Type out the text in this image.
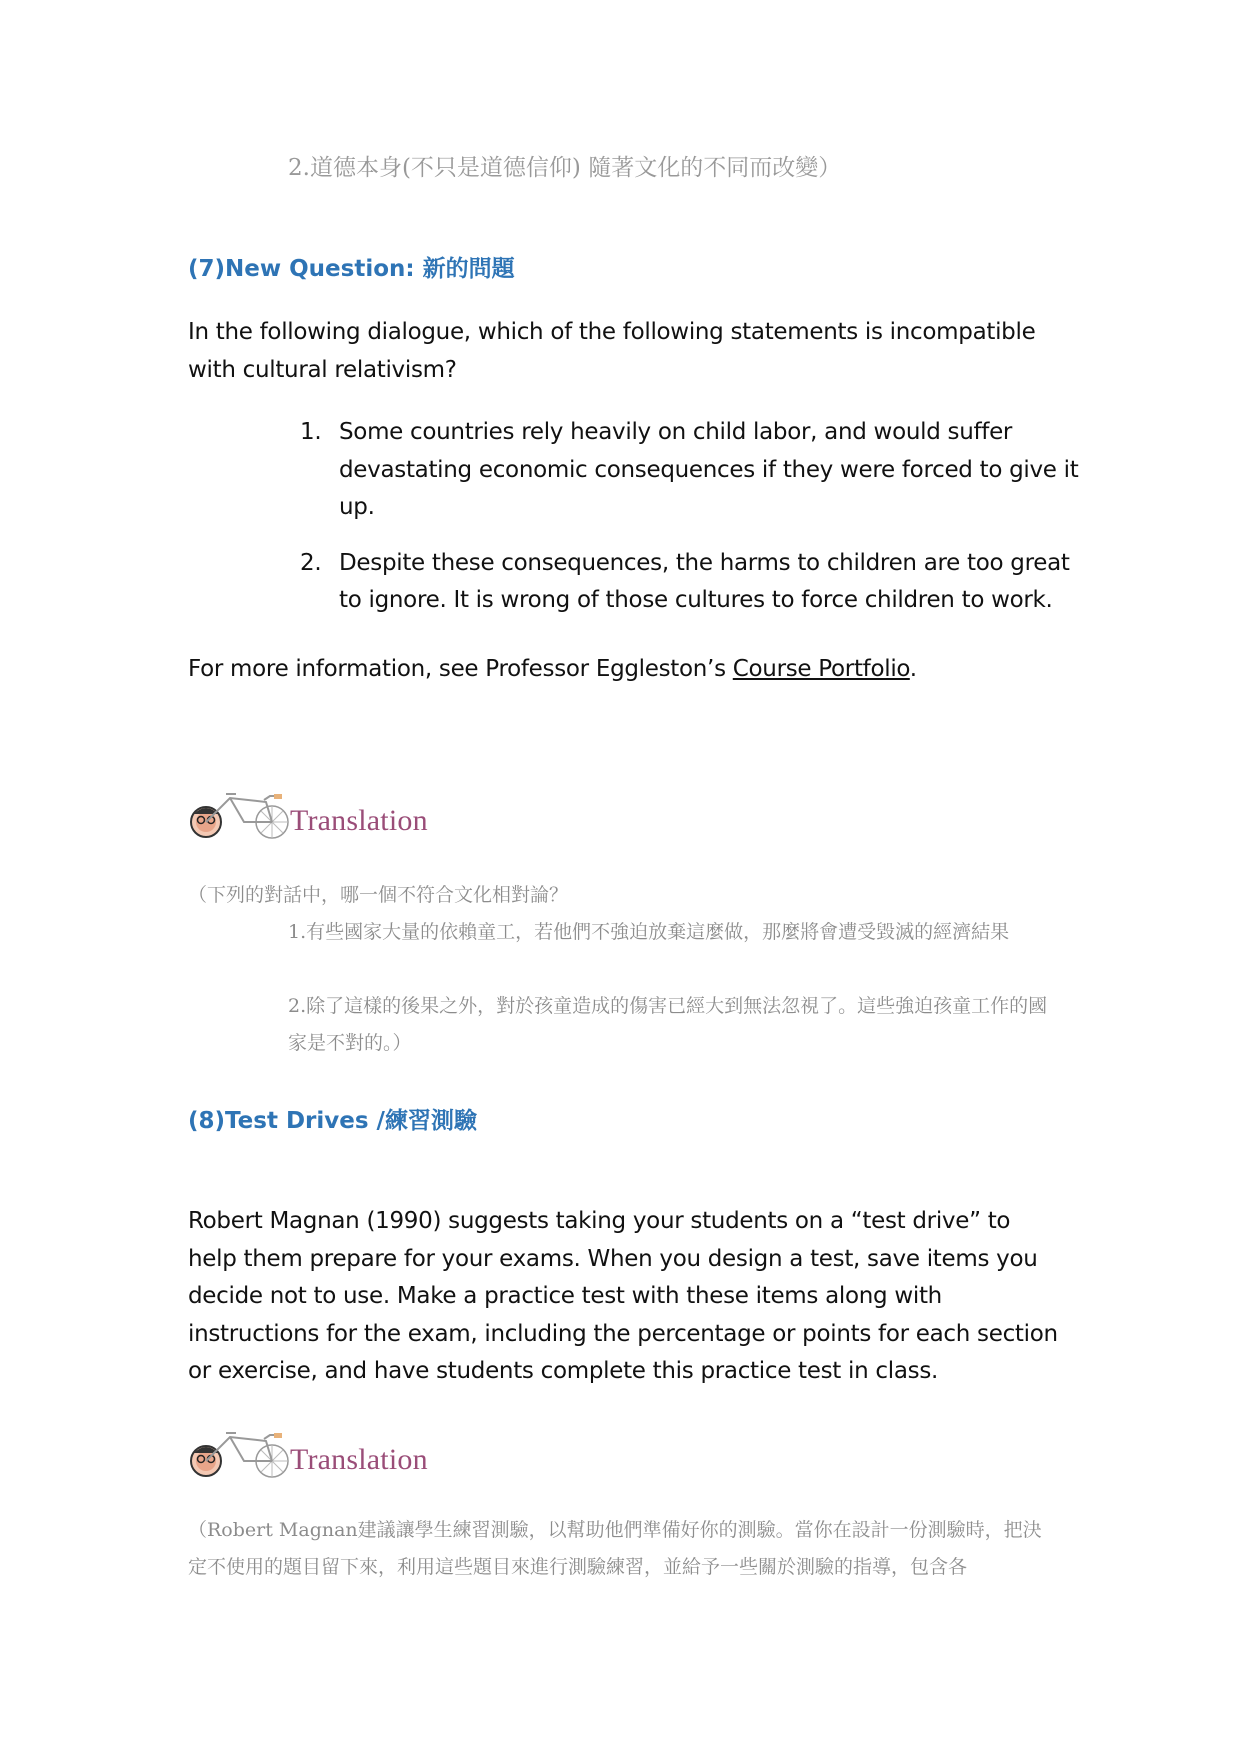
2.道德本身(不只是道德信仰) 隨著文化的不同而改變）
(7)New Question: 新的問題
In the following dialogue, which of the following statements is incompatible with cultural relativism?
1. Some countries rely heavily on child labor, and would suffer devastating economic consequences if they were forced to give it up.
2. Despite these consequences, the harms to children are too great to ignore. It is wrong of those cultures to force children to work.
For more information, see Professor Eggleston’s Course Portfolio.
Translation
（下列的對話中，哪一個不符合文化相對論？
1.有些國家大量的依賴童工，若他們不強迫放棄這麼做，那麼將會遭受毀滅的經濟結果
2.除了這樣的後果之外，對於孩童造成的傷害已經大到無法忽視了。這些強迫孩童工作的國家是不對的。）
(8)Test Drives /練習測驗
Robert Magnan (1990) suggests taking your students on a “test drive” to help them prepare for your exams. When you design a test, save items you decide not to use. Make a practice test with these items along with instructions for the exam, including the percentage or points for each section or exercise, and have students complete this practice test in class.
Translation
（Robert Magnan建議讓學生練習測驗，以幫助他們準備好你的測驗。當你在設計一份測驗時，把決定不使用的題目留下來，利用這些題目來進行測驗練習，並給予一些關於測驗的指導，包含各
